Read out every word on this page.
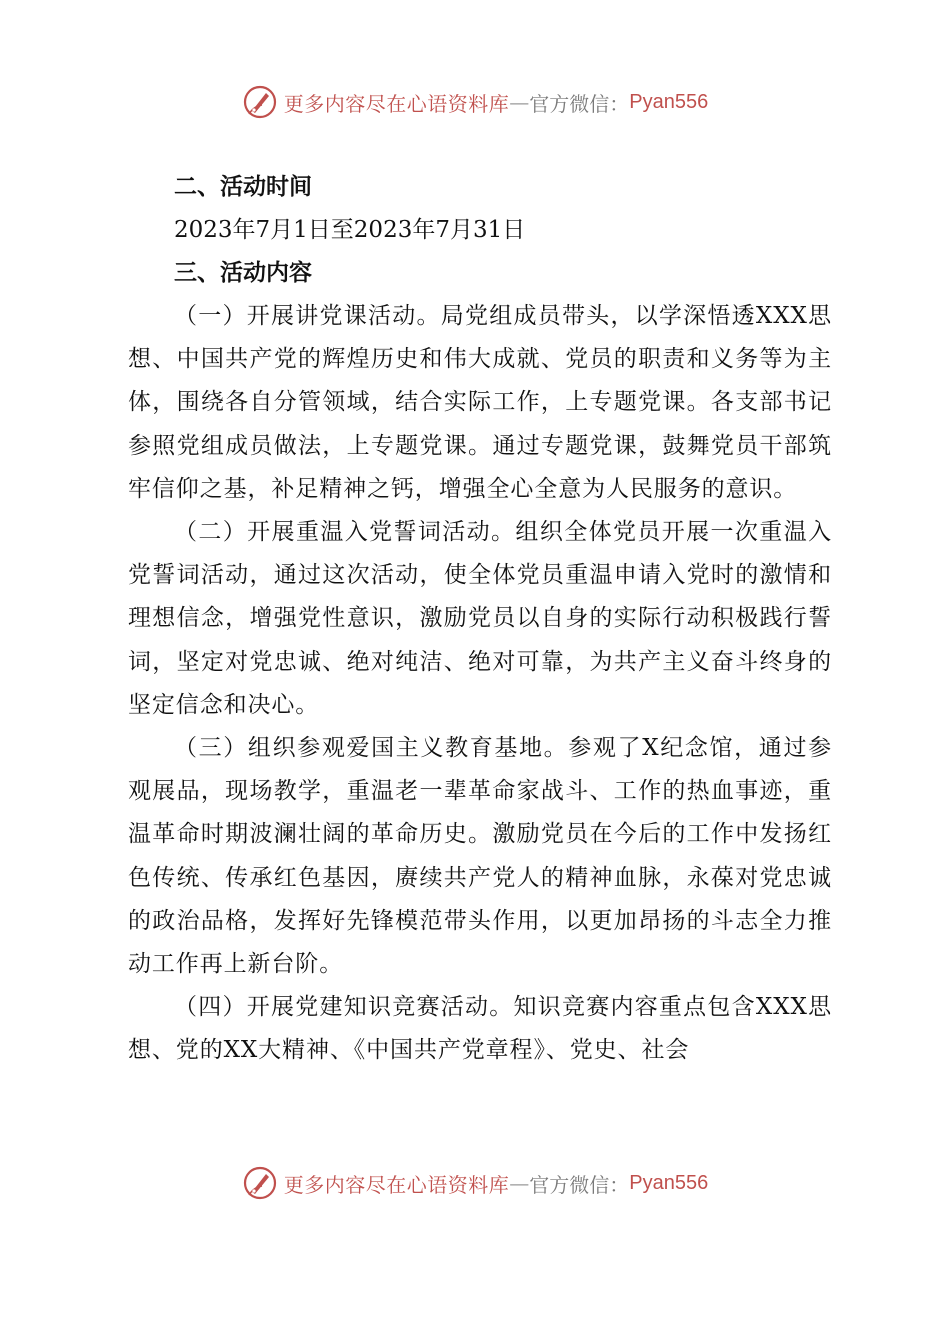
更多内容尽在心语资料库 — 官方微信： Pyan556

二、活动时间

2023年7月1日至2023年7月31日

三、活动内容

（一）开展讲党课活动。局党组成员带头，以学深悟透XXX思想、中国共产党的辉煌历史和伟大成就、党员的职责和义务等为主体，围绕各自分管领域，结合实际工作，上专题党课。各支部书记参照党组成员做法，上专题党课。通过专题党课，鼓舞党员干部筑牢信仰之基，补足精神之钙，增强全心全意为人民服务的意识。

（二）开展重温入党誓词活动。组织全体党员开展一次重温入党誓词活动，通过这次活动，使全体党员重温申请入党时的激情和理想信念，增强党性意识，激励党员以自身的实际行动积极践行誓词，坚定对党忠诚、绝对纯洁、绝对可靠，为共产主义奋斗终身的坚定信念和决心。

（三）组织参观爱国主义教育基地。参观了X纪念馆，通过参观展品，现场教学，重温老一辈革命家战斗、工作的热血事迹，重温革命时期波澜壮阔的革命历史。激励党员在今后的工作中发扬红色传统、传承红色基因，赓续共产党人的精神血脉，永葆对党忠诚的政治品格，发挥好先锋模范带头作用，以更加昂扬的斗志全力推动工作再上新台阶。

（四）开展党建知识竞赛活动。知识竞赛内容重点包含XXX思想、党的XX大精神、《中国共产党章程》、党史、社会

更多内容尽在心语资料库 — 官方微信： Pyan556
